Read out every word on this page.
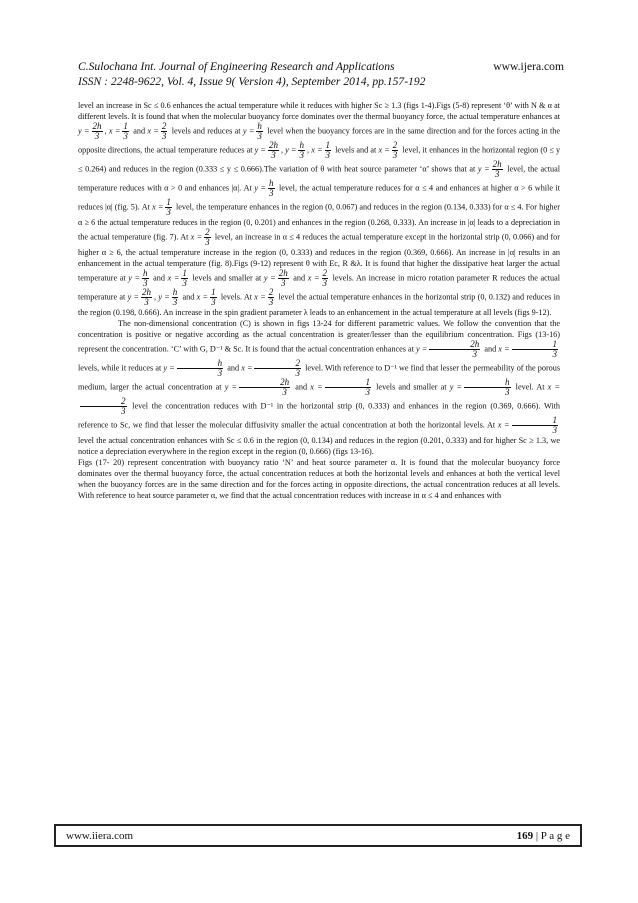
C.Sulochana Int. Journal of Engineering Research and Applications	www.ijera.com
ISSN : 2248-9622, Vol. 4, Issue 9( Version 4), September 2014, pp.157-192

level an increase in Sc ≤ 0.6 enhances the actual temperature while it reduces with higher Sc ≥ 1.3 (figs 1-4).Figs (5-8) represent ‘θ’ with N & α at different levels. It is found that when the molecular buoyancy force dominates over the thermal buoyancy force, the actual temperature enhances at $y = \frac{2h}{3}$ , $x = \frac{1}{3}$ and $x = \frac{2}{3}$ levels and reduces at $y = \frac{h}{3}$ level when the buoyancy forces are in the same direction and for the forces acting in the opposite directions, the actual temperature reduces at $y = \frac{2h}{3}$ , $y = \frac{h}{3}$ , $x = \frac{1}{3}$ levels and at $x = \frac{2}{3}$ level, it enhances in the horizontal region (0 ≤ y ≤ 0.264) and reduces in the region (0.333 ≤ y ≤ 0.666).The variation of θ with heat source parameter ‘α’ shows that at $y = \frac{2h}{3}$ level, the actual temperature reduces with α > 0 and enhances |α|. At $y = \frac{h}{3}$ level, the actual temperature reduces for α ≤ 4 and enhances at higher α > 6 while it reduces |α| (fig. 5). At $x = \frac{1}{3}$ level, the temperature enhances in the region (0, 0.067) and reduces in the region (0.134, 0.333) for α ≤ 4. For higher α ≥ 6 the actual temperature reduces in the region (0, 0.201) and enhances in the region (0.268, 0.333). An increase in |α| leads to a depreciation in the actual temperature (fig. 7). At $x = \frac{2}{3}$ level, an increase in α ≤ 4 reduces the actual temperature except in the horizontal strip (0, 0.066) and for higher α ≥ 6, the actual temperature increase in the region (0, 0.333) and reduces in the region (0.369, 0.666). An increase in |α| results in an enhancement in the actual temperature (fig. 8).Figs (9-12) represent θ with Ec, R &λ. It is found that higher the dissipative heat larger the actual temperature at $y = \frac{h}{3}$ and $x = \frac{1}{3}$ levels and smaller at $y = \frac{2h}{3}$ and $x = \frac{2}{3}$ levels. An increase in micro rotation parameter R reduces the actual temperature at $y = \frac{2h}{3}$ , $y = \frac{h}{3}$ and $x = \frac{1}{3}$ levels. At $x = \frac{2}{3}$ level the actual temperature enhances in the horizontal strip (0, 0.132) and reduces in the region (0.198, 0.666). An increase in the spin gradient parameter λ leads to an enhancement in the actual temperature at all levels (figs 9-12).

The non-dimensional concentration (C) is shown in figs 13-24 for different parametric values. We follow the convention that the concentration is positive or negative according as the actual concentration is greater/lesser than the equilibrium concentration. Figs (13-16) represent the concentration. ‘C’ with G, D⁻¹ & Sc. It is found that the actual concentration enhances at $y = \frac{2h}{3}$ and $x = \frac{1}{3}$
levels, while it reduces at $y = \frac{h}{3}$ and $x = \frac{2}{3}$ level. With reference to D⁻¹ we find that lesser the permeability of the porous medium, larger the actual concentration at $y = \frac{2h}{3}$ and $x = \frac{1}{3}$ levels and smaller at $y = \frac{h}{3}$ level. At x =
$\frac{2}{3}$ level the concentration reduces with D⁻¹ in the horizontal strip (0, 0.333) and enhances in the region (0.369, 0.666). With reference to Sc, we find that lesser the molecular diffusivity smaller the actual concentration at both the horizontal levels. At $x = \frac{1}{3}$
level the actual concentration enhances with Sc ≤ 0.6 in the region (0, 0.134) and reduces in the region (0.201, 0.333) and for higher Sc ≥ 1.3, we notice a depreciation everywhere in the region except in the region (0, 0.666) (figs 13-16).

Figs (17- 20) represent concentration with buoyancy ratio ‘N’ and heat source parameter α. It is found that the molecular buoyancy force dominates over the thermal buoyancy force, the actual concentration reduces at both the horizontal levels and enhances at both the vertical level when the buoyancy forces are in the same direction and for the forces acting in opposite directions, the actual concentration reduces at all levels. With reference to heat source parameter α, we find that the actual concentration reduces with increase in α ≤ 4 and enhances with

www.iiera.com	169 | P a g e
